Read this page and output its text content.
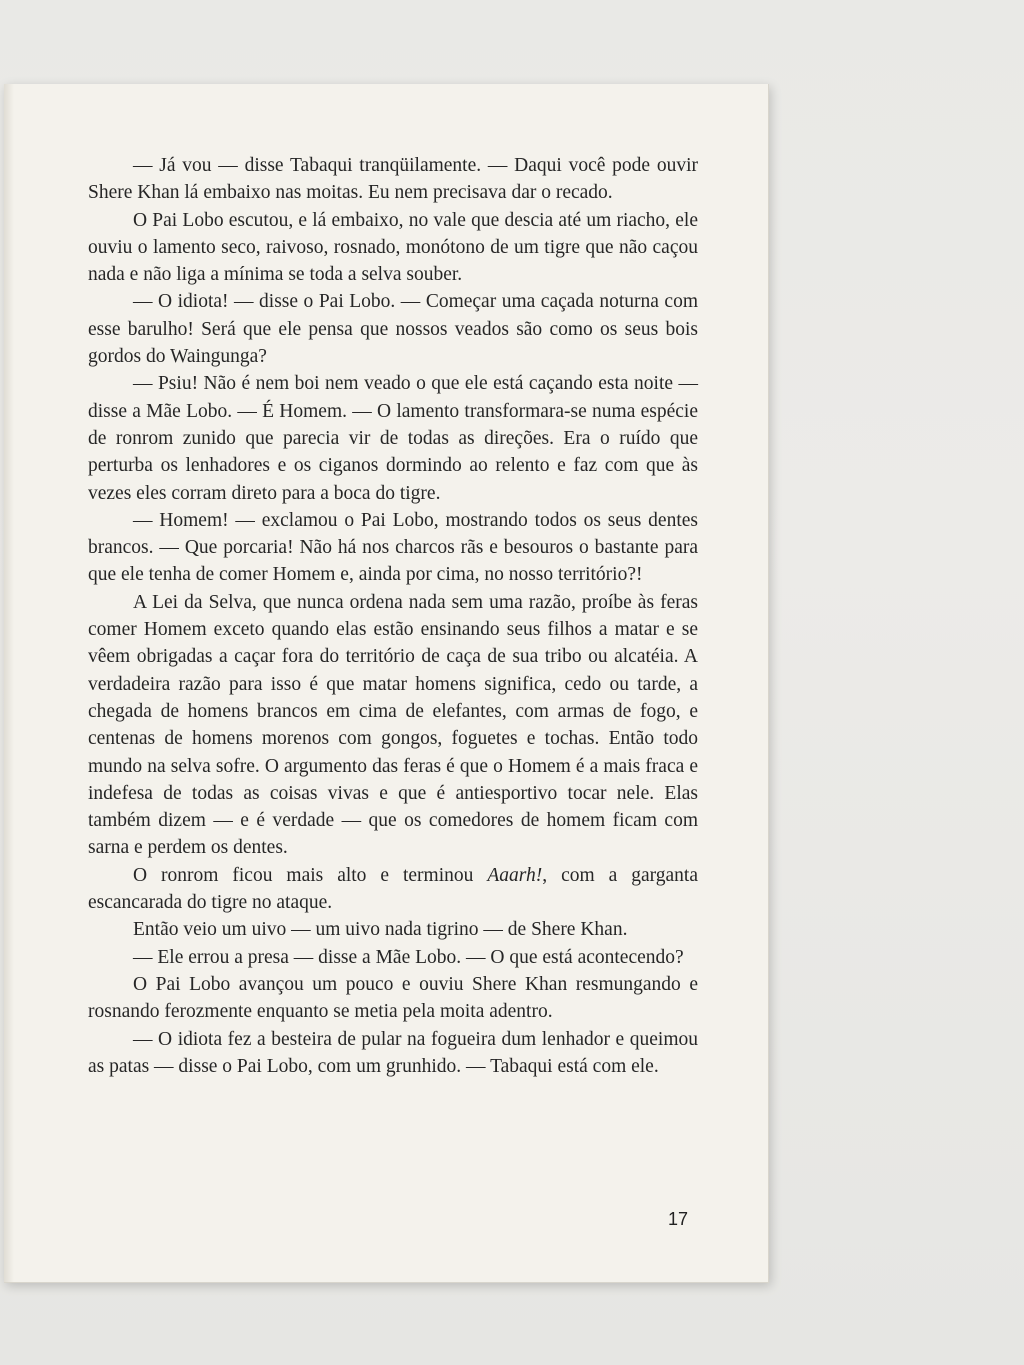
— Já vou — disse Tabaqui tranqüilamente. — Daqui você pode ouvir Shere Khan lá embaixo nas moitas. Eu nem precisava dar o recado.

O Pai Lobo escutou, e lá embaixo, no vale que descia até um riacho, ele ouviu o lamento seco, raivoso, rosnado, monótono de um tigre que não caçou nada e não liga a mínima se toda a selva souber.

— O idiota! — disse o Pai Lobo. — Começar uma caçada noturna com esse barulho! Será que ele pensa que nossos veados são como os seus bois gordos do Waingunga?

— Psiu! Não é nem boi nem veado o que ele está caçando esta noite — disse a Mãe Lobo. — É Homem. — O lamento transformara-se numa espécie de ronrom zunido que parecia vir de todas as direções. Era o ruído que perturba os lenhadores e os ciganos dormindo ao relento e faz com que às vezes eles corram direto para a boca do tigre.

— Homem! — exclamou o Pai Lobo, mostrando todos os seus dentes brancos. — Que porcaria! Não há nos charcos rãs e besouros o bastante para que ele tenha de comer Homem e, ainda por cima, no nosso território?!

A Lei da Selva, que nunca ordena nada sem uma razão, proíbe às feras comer Homem exceto quando elas estão ensinando seus filhos a matar e se vêem obrigadas a caçar fora do território de caça de sua tribo ou alcatéia. A verdadeira razão para isso é que matar homens significa, cedo ou tarde, a chegada de homens brancos em cima de elefantes, com armas de fogo, e centenas de homens morenos com gongos, foguetes e tochas. Então todo mundo na selva sofre. O argumento das feras é que o Homem é a mais fraca e indefesa de todas as coisas vivas e que é antiesportivo tocar nele. Elas também dizem — e é verdade — que os comedores de homem ficam com sarna e perdem os dentes.

O ronrom ficou mais alto e terminou Aaarh!, com a garganta escancarada do tigre no ataque.

Então veio um uivo — um uivo nada tigrino — de Shere Khan.

— Ele errou a presa — disse a Mãe Lobo. — O que está acontecendo?

O Pai Lobo avançou um pouco e ouviu Shere Khan resmungando e rosnando ferozmente enquanto se metia pela moita adentro.

— O idiota fez a besteira de pular na fogueira dum lenhador e queimou as patas — disse o Pai Lobo, com um grunhido. — Tabaqui está com ele.

17
